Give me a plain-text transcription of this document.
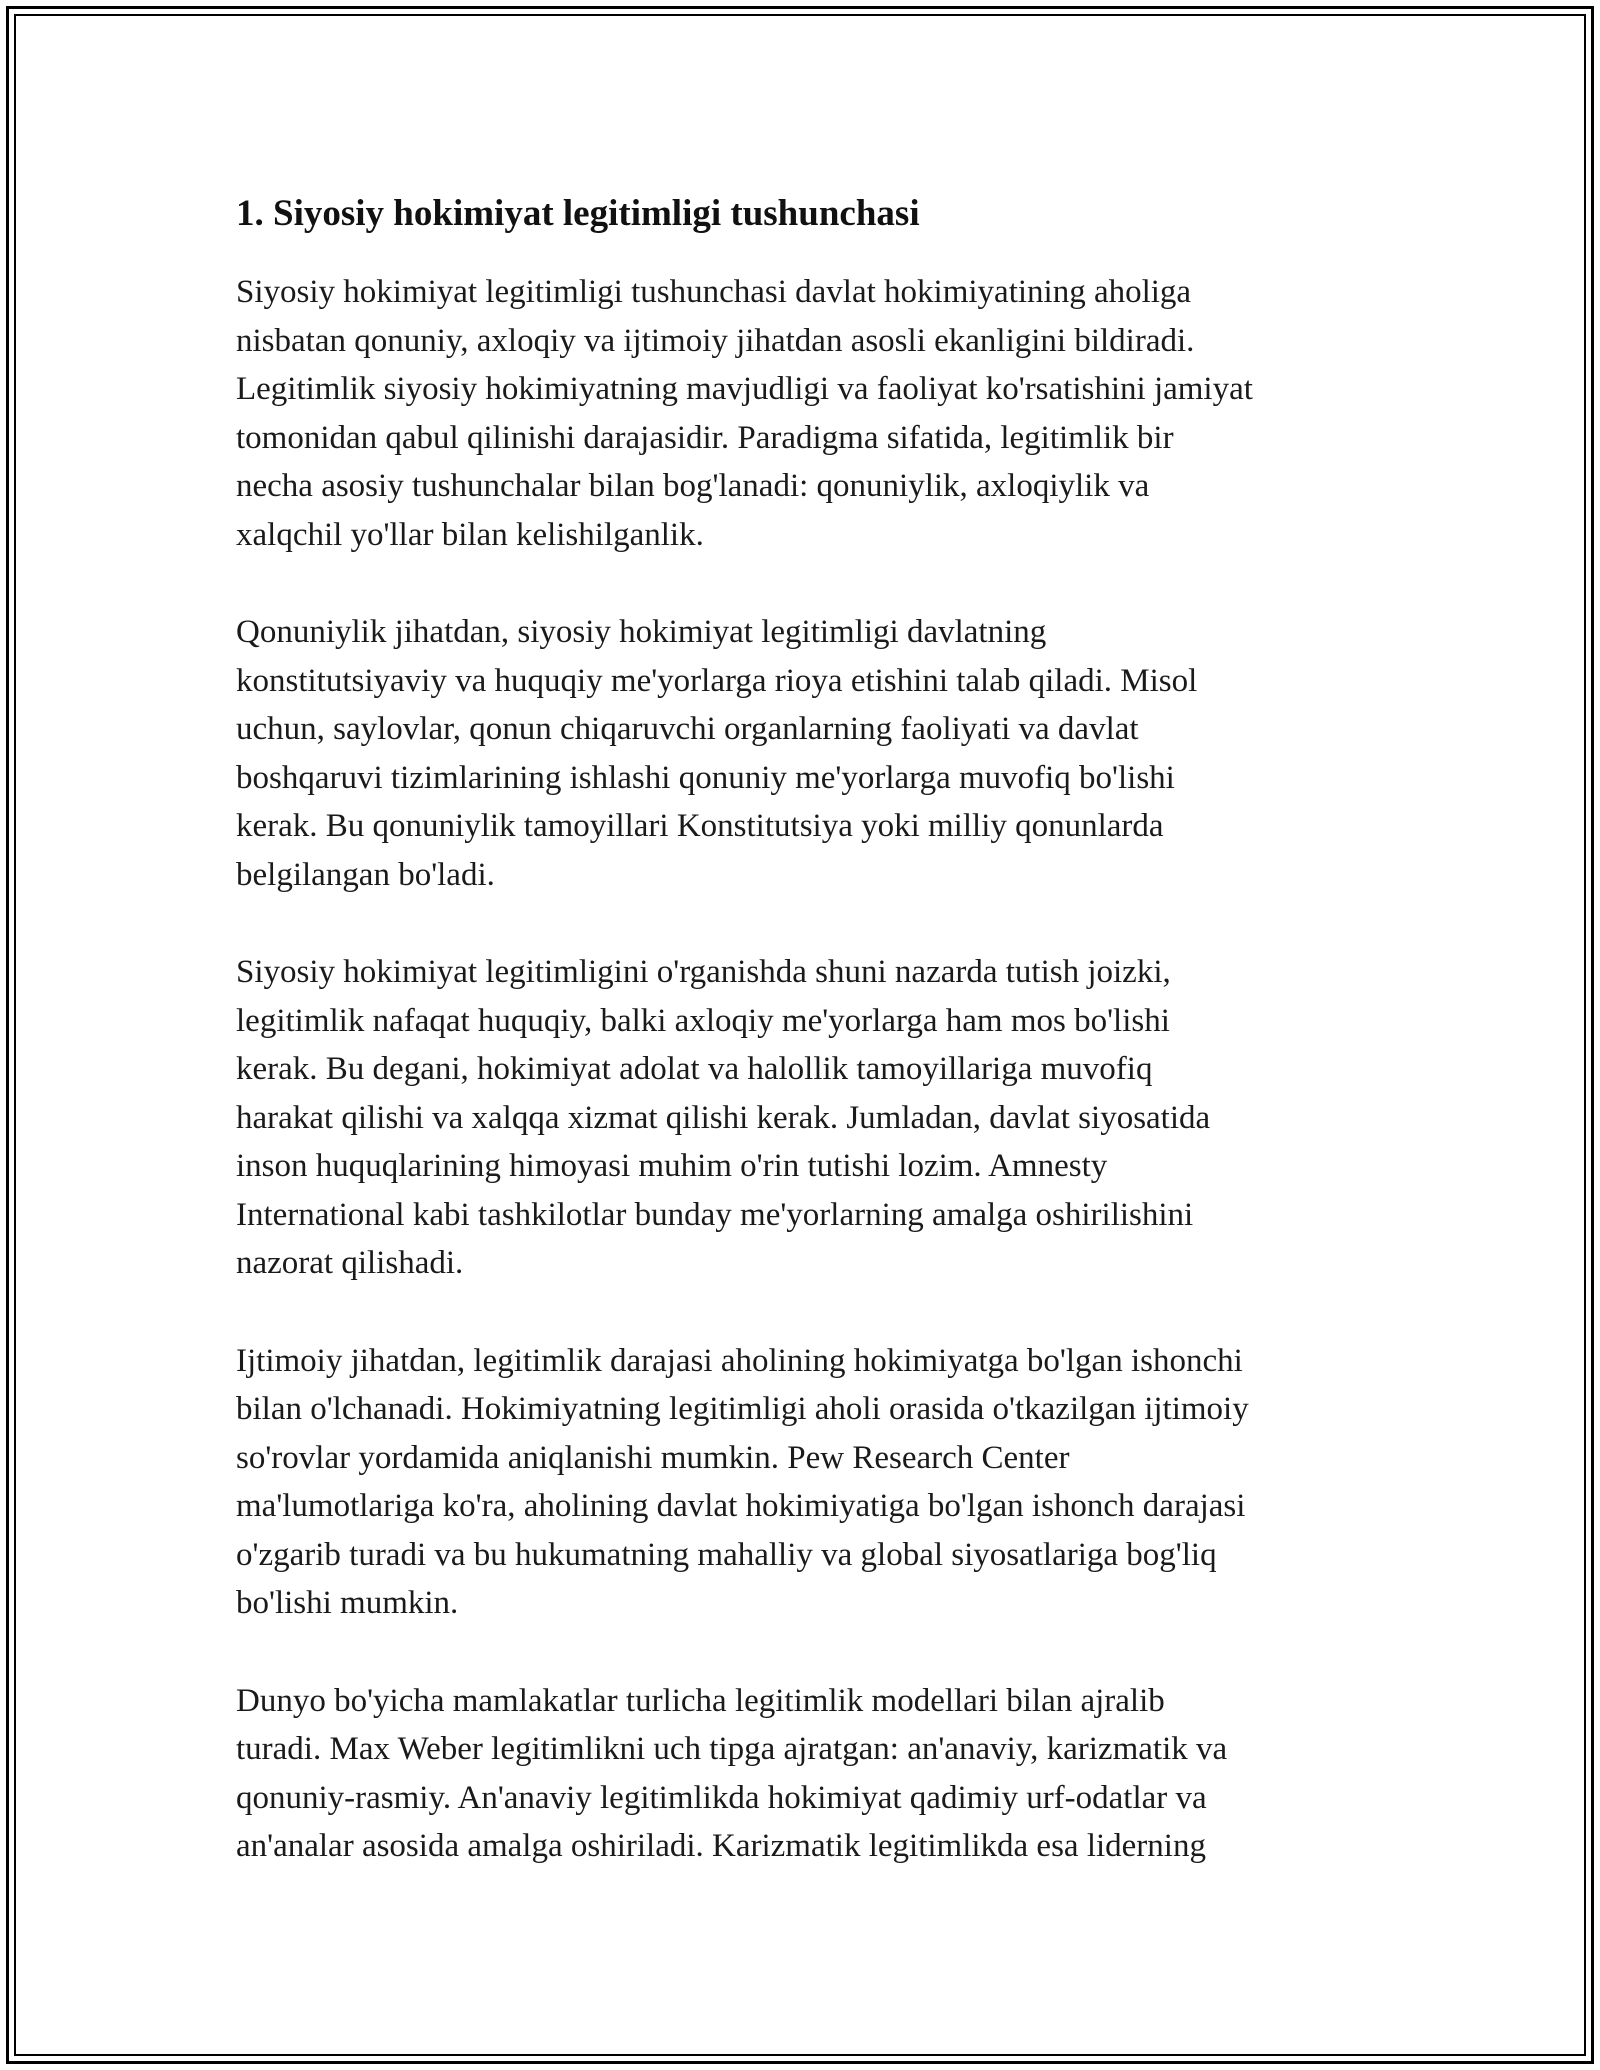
1. Siyosiy hokimiyat legitimligi tushunchasi

Siyosiy hokimiyat legitimligi tushunchasi davlat hokimiyatining aholiga
nisbatan qonuniy, axloqiy va ijtimoiy jihatdan asosli ekanligini bildiradi.
Legitimlik siyosiy hokimiyatning mavjudligi va faoliyat ko'rsatishini jamiyat
tomonidan qabul qilinishi darajasidir. Paradigma sifatida, legitimlik bir
necha asosiy tushunchalar bilan bog'lanadi: qonuniylik, axloqiylik va
xalqchil yo'llar bilan kelishilganlik.

Qonuniylik jihatdan, siyosiy hokimiyat legitimligi davlatning
konstitutsiyaviy va huquqiy me'yorlarga rioya etishini talab qiladi. Misol
uchun, saylovlar, qonun chiqaruvchi organlarning faoliyati va davlat
boshqaruvi tizimlarining ishlashi qonuniy me'yorlarga muvofiq bo'lishi
kerak. Bu qonuniylik tamoyillari Konstitutsiya yoki milliy qonunlarda
belgilangan bo'ladi.

Siyosiy hokimiyat legitimligini o'rganishda shuni nazarda tutish joizki,
legitimlik nafaqat huquqiy, balki axloqiy me'yorlarga ham mos bo'lishi
kerak. Bu degani, hokimiyat adolat va halollik tamoyillariga muvofiq
harakat qilishi va xalqqa xizmat qilishi kerak. Jumladan, davlat siyosatida
inson huquqlarining himoyasi muhim o'rin tutishi lozim. Amnesty
International kabi tashkilotlar bunday me'yorlarning amalga oshirilishini
nazorat qilishadi.

Ijtimoiy jihatdan, legitimlik darajasi aholining hokimiyatga bo'lgan ishonchi
bilan o'lchanadi. Hokimiyatning legitimligi aholi orasida o'tkazilgan ijtimoiy
so'rovlar yordamida aniqlanishi mumkin. Pew Research Center
ma'lumotlariga ko'ra, aholining davlat hokimiyatiga bo'lgan ishonch darajasi
o'zgarib turadi va bu hukumatning mahalliy va global siyosatlariga bog'liq
bo'lishi mumkin.

Dunyo bo'yicha mamlakatlar turlicha legitimlik modellari bilan ajralib
turadi. Max Weber legitimlikni uch tipga ajratgan: an'anaviy, karizmatik va
qonuniy-rasmiy. An'anaviy legitimlikda hokimiyat qadimiy urf-odatlar va
an'analar asosida amalga oshiriladi. Karizmatik legitimlikda esa liderning
